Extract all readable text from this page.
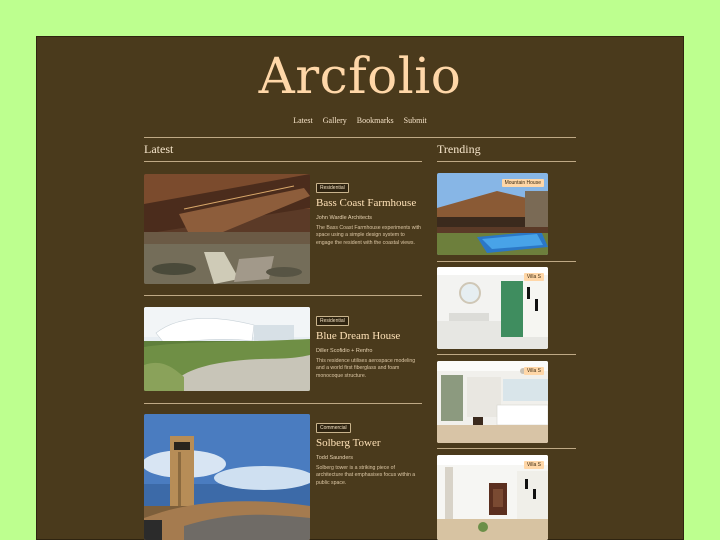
Arcfolio
Latest Gallery Bookmarks Submit
Latest	Trending
Residential
Bass Coast Farmhouse
John Wardle Architects
The Bass Coast Farmhouse experiments with space using a simple design system to engage the resident with the coastal views.
Residential
Blue Dream House
Diller Scofidio + Renfro
This residence utilises aerospace modeling and a world first fiberglass and foam monocoque structure.
Commercial
Solberg Tower
Todd Saunders
Solberg tower is a striking piece of architecture that emphasises focus within a public space.
Mountain House
Villa S
Villa S
Villa S
